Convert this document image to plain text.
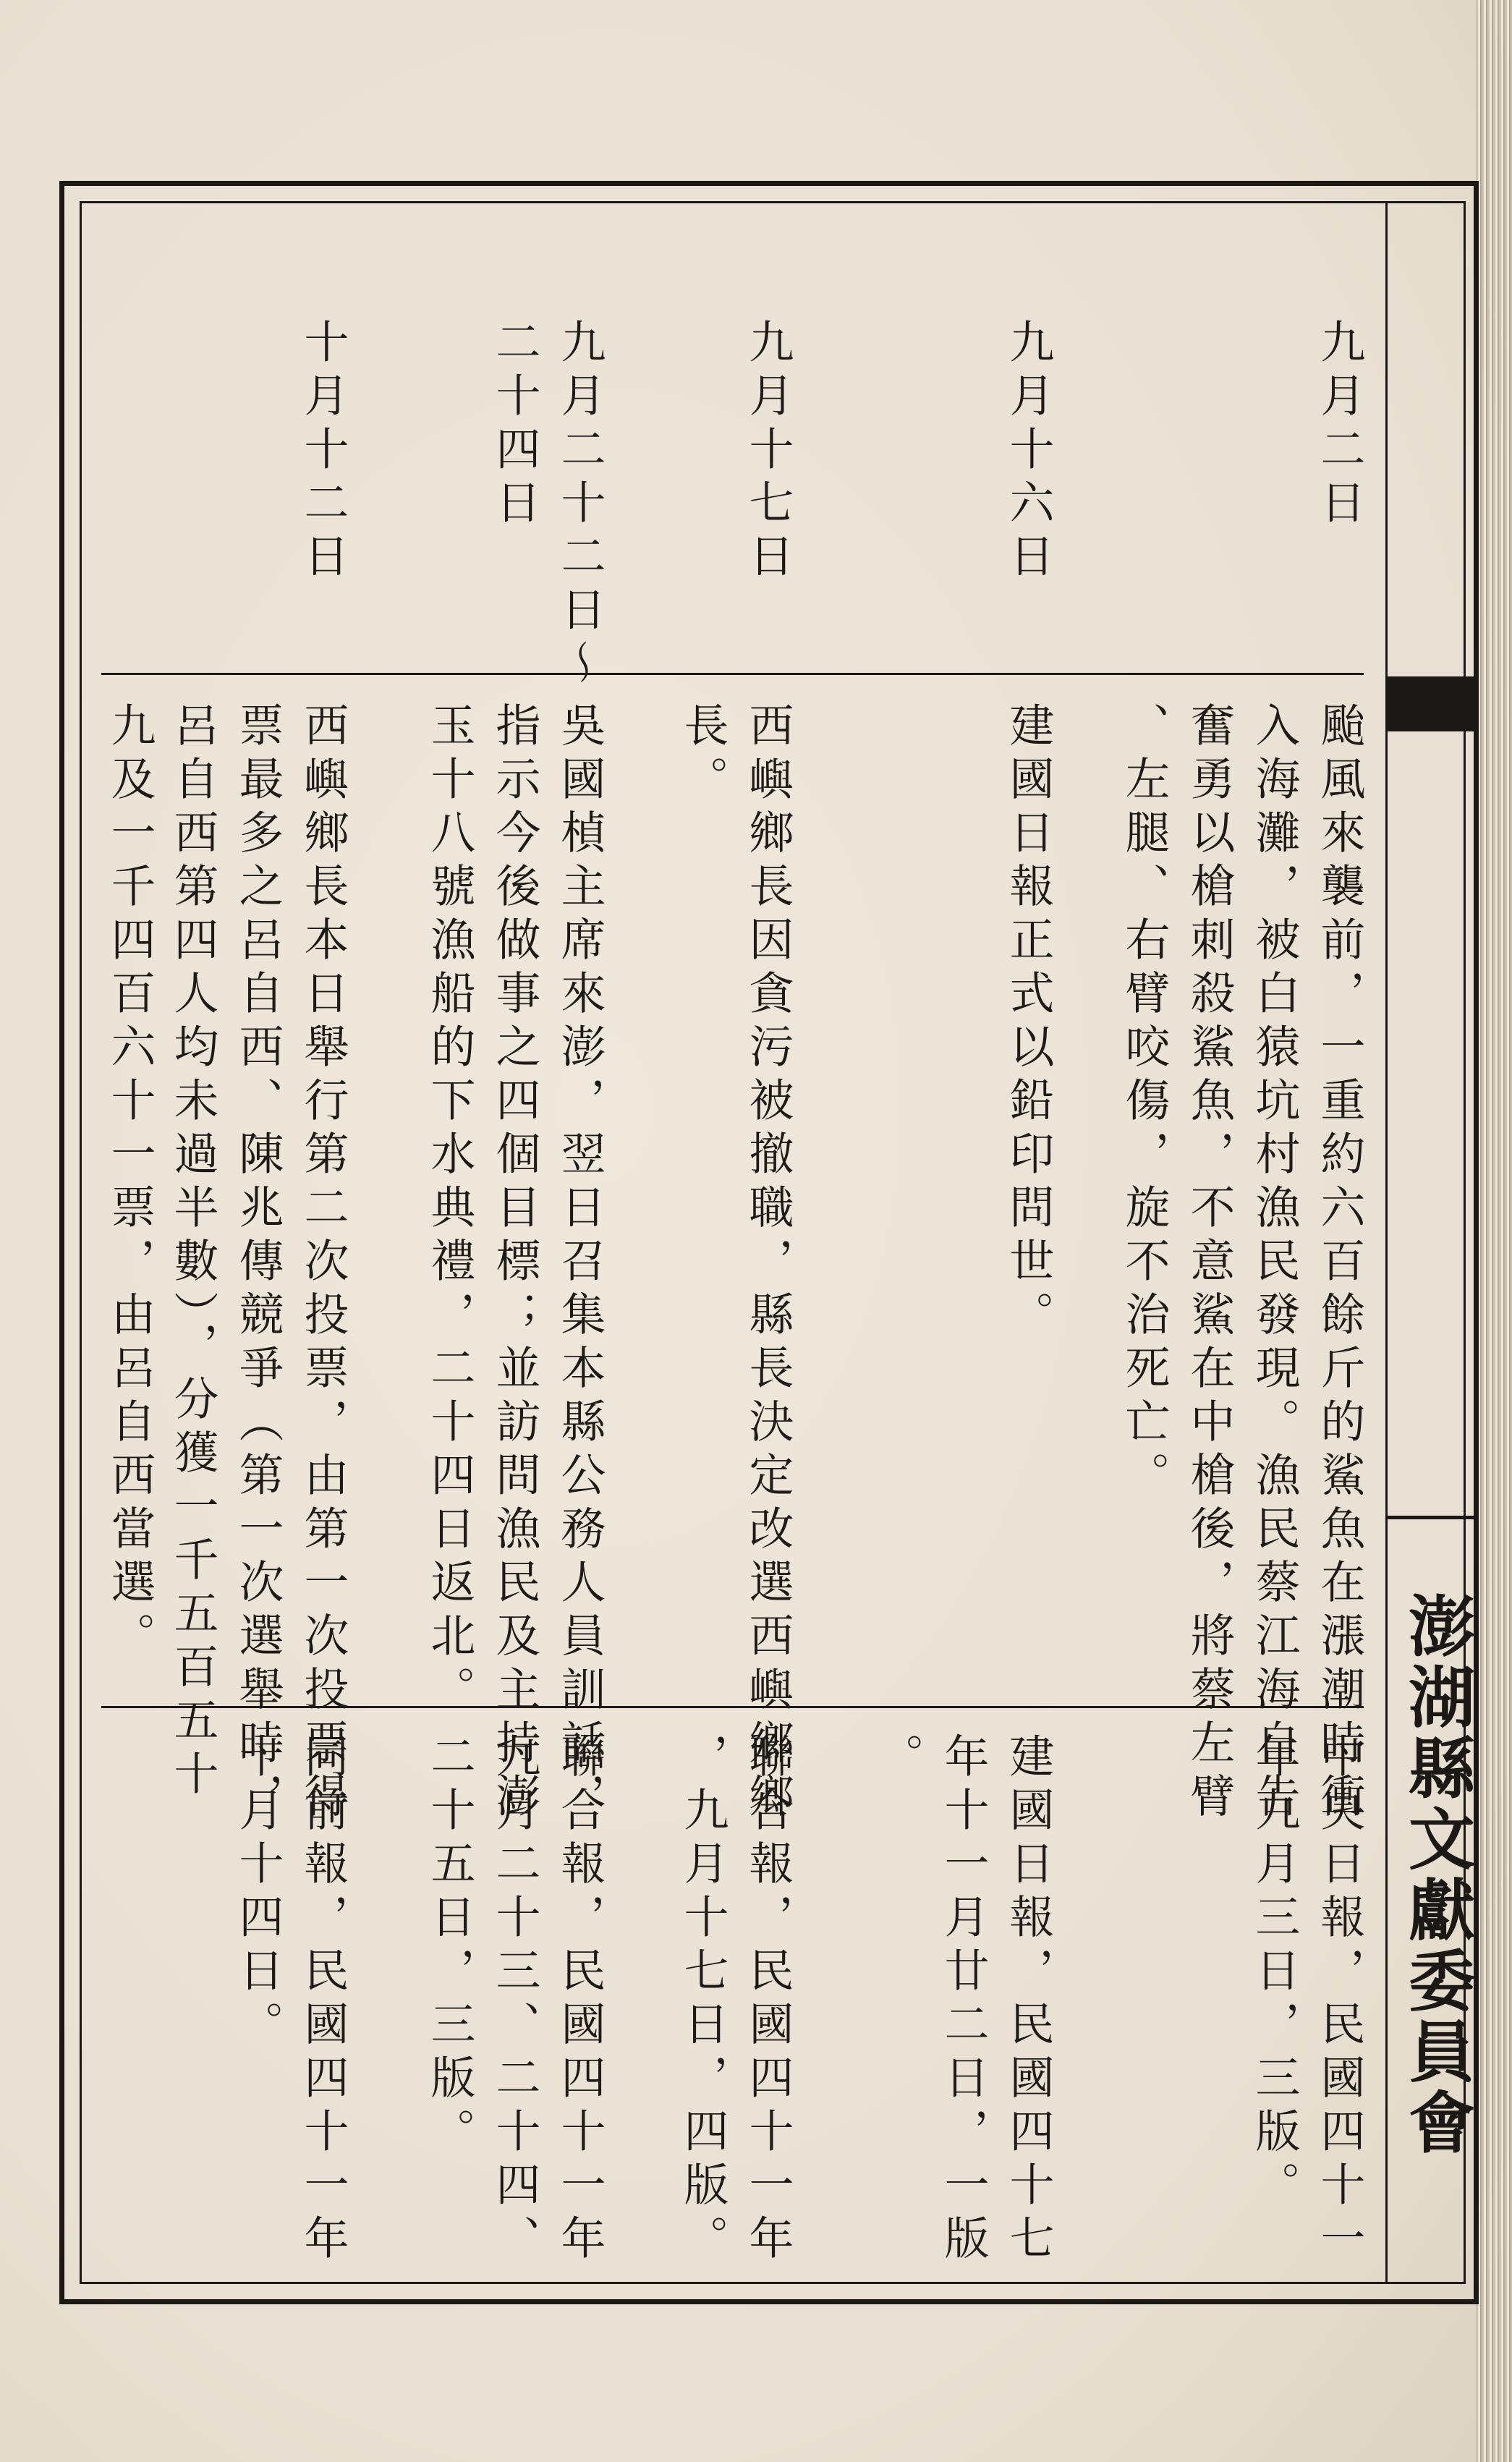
澎湖縣文獻委員會
九月二日
颱風來襲前，一重約六百餘斤的鯊魚在漲潮時衝
入海灘，被白猿坑村漁民發現。漁民蔡江海自告
奮勇以槍刺殺鯊魚，不意鯊在中槍後，將蔡左臂
、左腿、右臂咬傷，旋不治死亡。
中央日報，民國四十一
年九月三日，三版。
九月十六日
建國日報正式以鉛印問世。
建國日報，民國四十七
年十一月廿二日，一版
。
九月十七日
西嶼鄉長因貪污被撤職，縣長決定改選西嶼鄉鄉
長。
聯合報，民國四十一年
，九月十七日，四版。
九月二十二日～
二十四日
吳國楨主席來澎，翌日召集本縣公務人員訓話，
指示今後做事之四個目標；並訪問漁民及主持澎
玉十八號漁船的下水典禮，二十四日返北。
聯合報，民國四十一年
九月二十三、二十四、
二十五日，三版。
十月十二日
西嶼鄉長本日舉行第二次投票，由第一次投票得
票最多之呂自西、陳兆傳競爭（第一次選舉時，
呂自西第四人均未過半數），分獲一千五百五十
九及一千四百六十一票，由呂自西當選。
同前報，民國四十一年
十月十四日。
